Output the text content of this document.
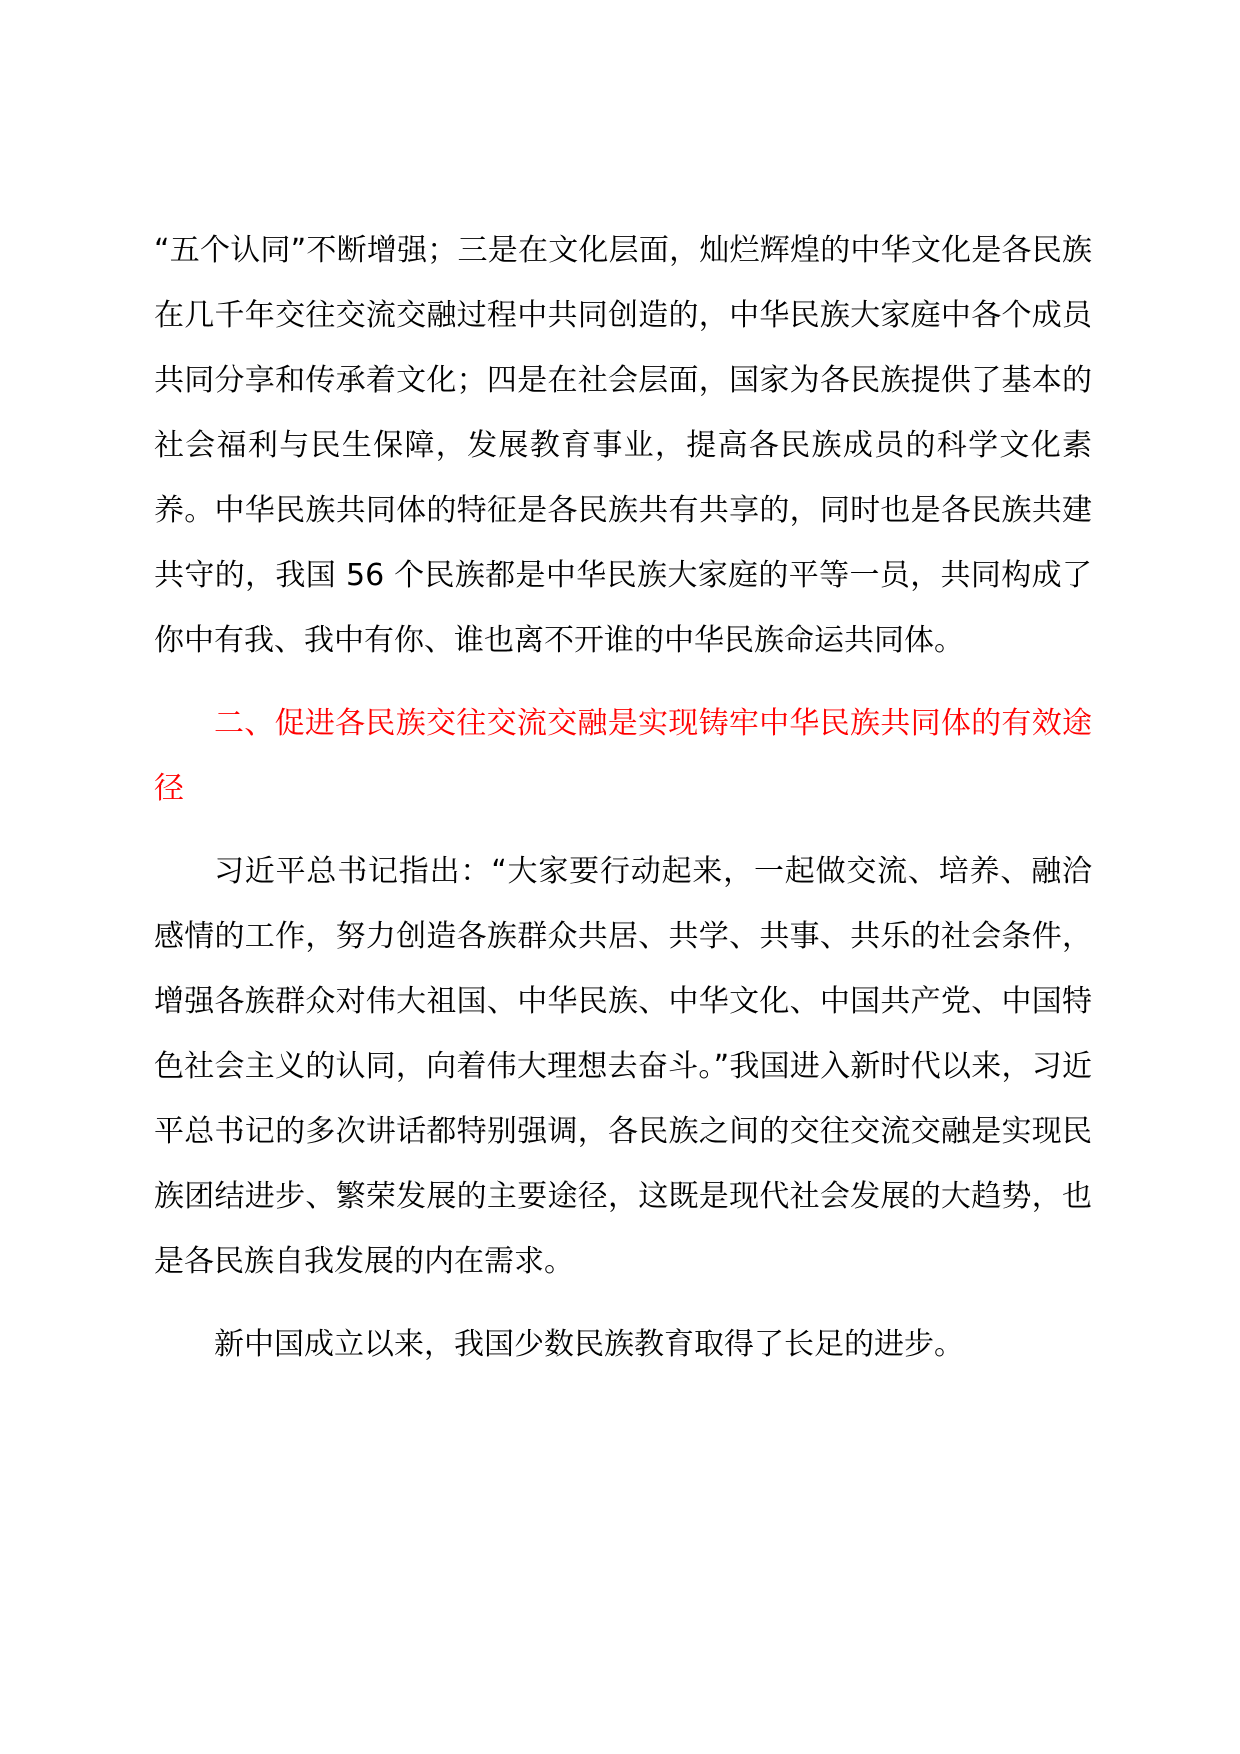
“五个认同”不断增强；三是在文化层面，灿烂辉煌的中华文化是各民族在几千年交往交流交融过程中共同创造的，中华民族大家庭中各个成员共同分享和传承着文化；四是在社会层面，国家为各民族提供了基本的社会福利与民生保障，发展教育事业，提高各民族成员的科学文化素养。中华民族共同体的特征是各民族共有共享的，同时也是各民族共建共守的，我国 56 个民族都是中华民族大家庭的平等一员，共同构成了你中有我、我中有你、谁也离不开谁的中华民族命运共同体。

二、促进各民族交往交流交融是实现铸牢中华民族共同体的有效途径

习近平总书记指出：“大家要行动起来，一起做交流、培养、融洽感情的工作，努力创造各族群众共居、共学、共事、共乐的社会条件，增强各族群众对伟大祖国、中华民族、中华文化、中国共产党、中国特色社会主义的认同，向着伟大理想去奋斗。”我国进入新时代以来，习近平总书记的多次讲话都特别强调，各民族之间的交往交流交融是实现民族团结进步、繁荣发展的主要途径，这既是现代社会发展的大趋势，也是各民族自我发展的内在需求。

新中国成立以来，我国少数民族教育取得了长足的进步。
